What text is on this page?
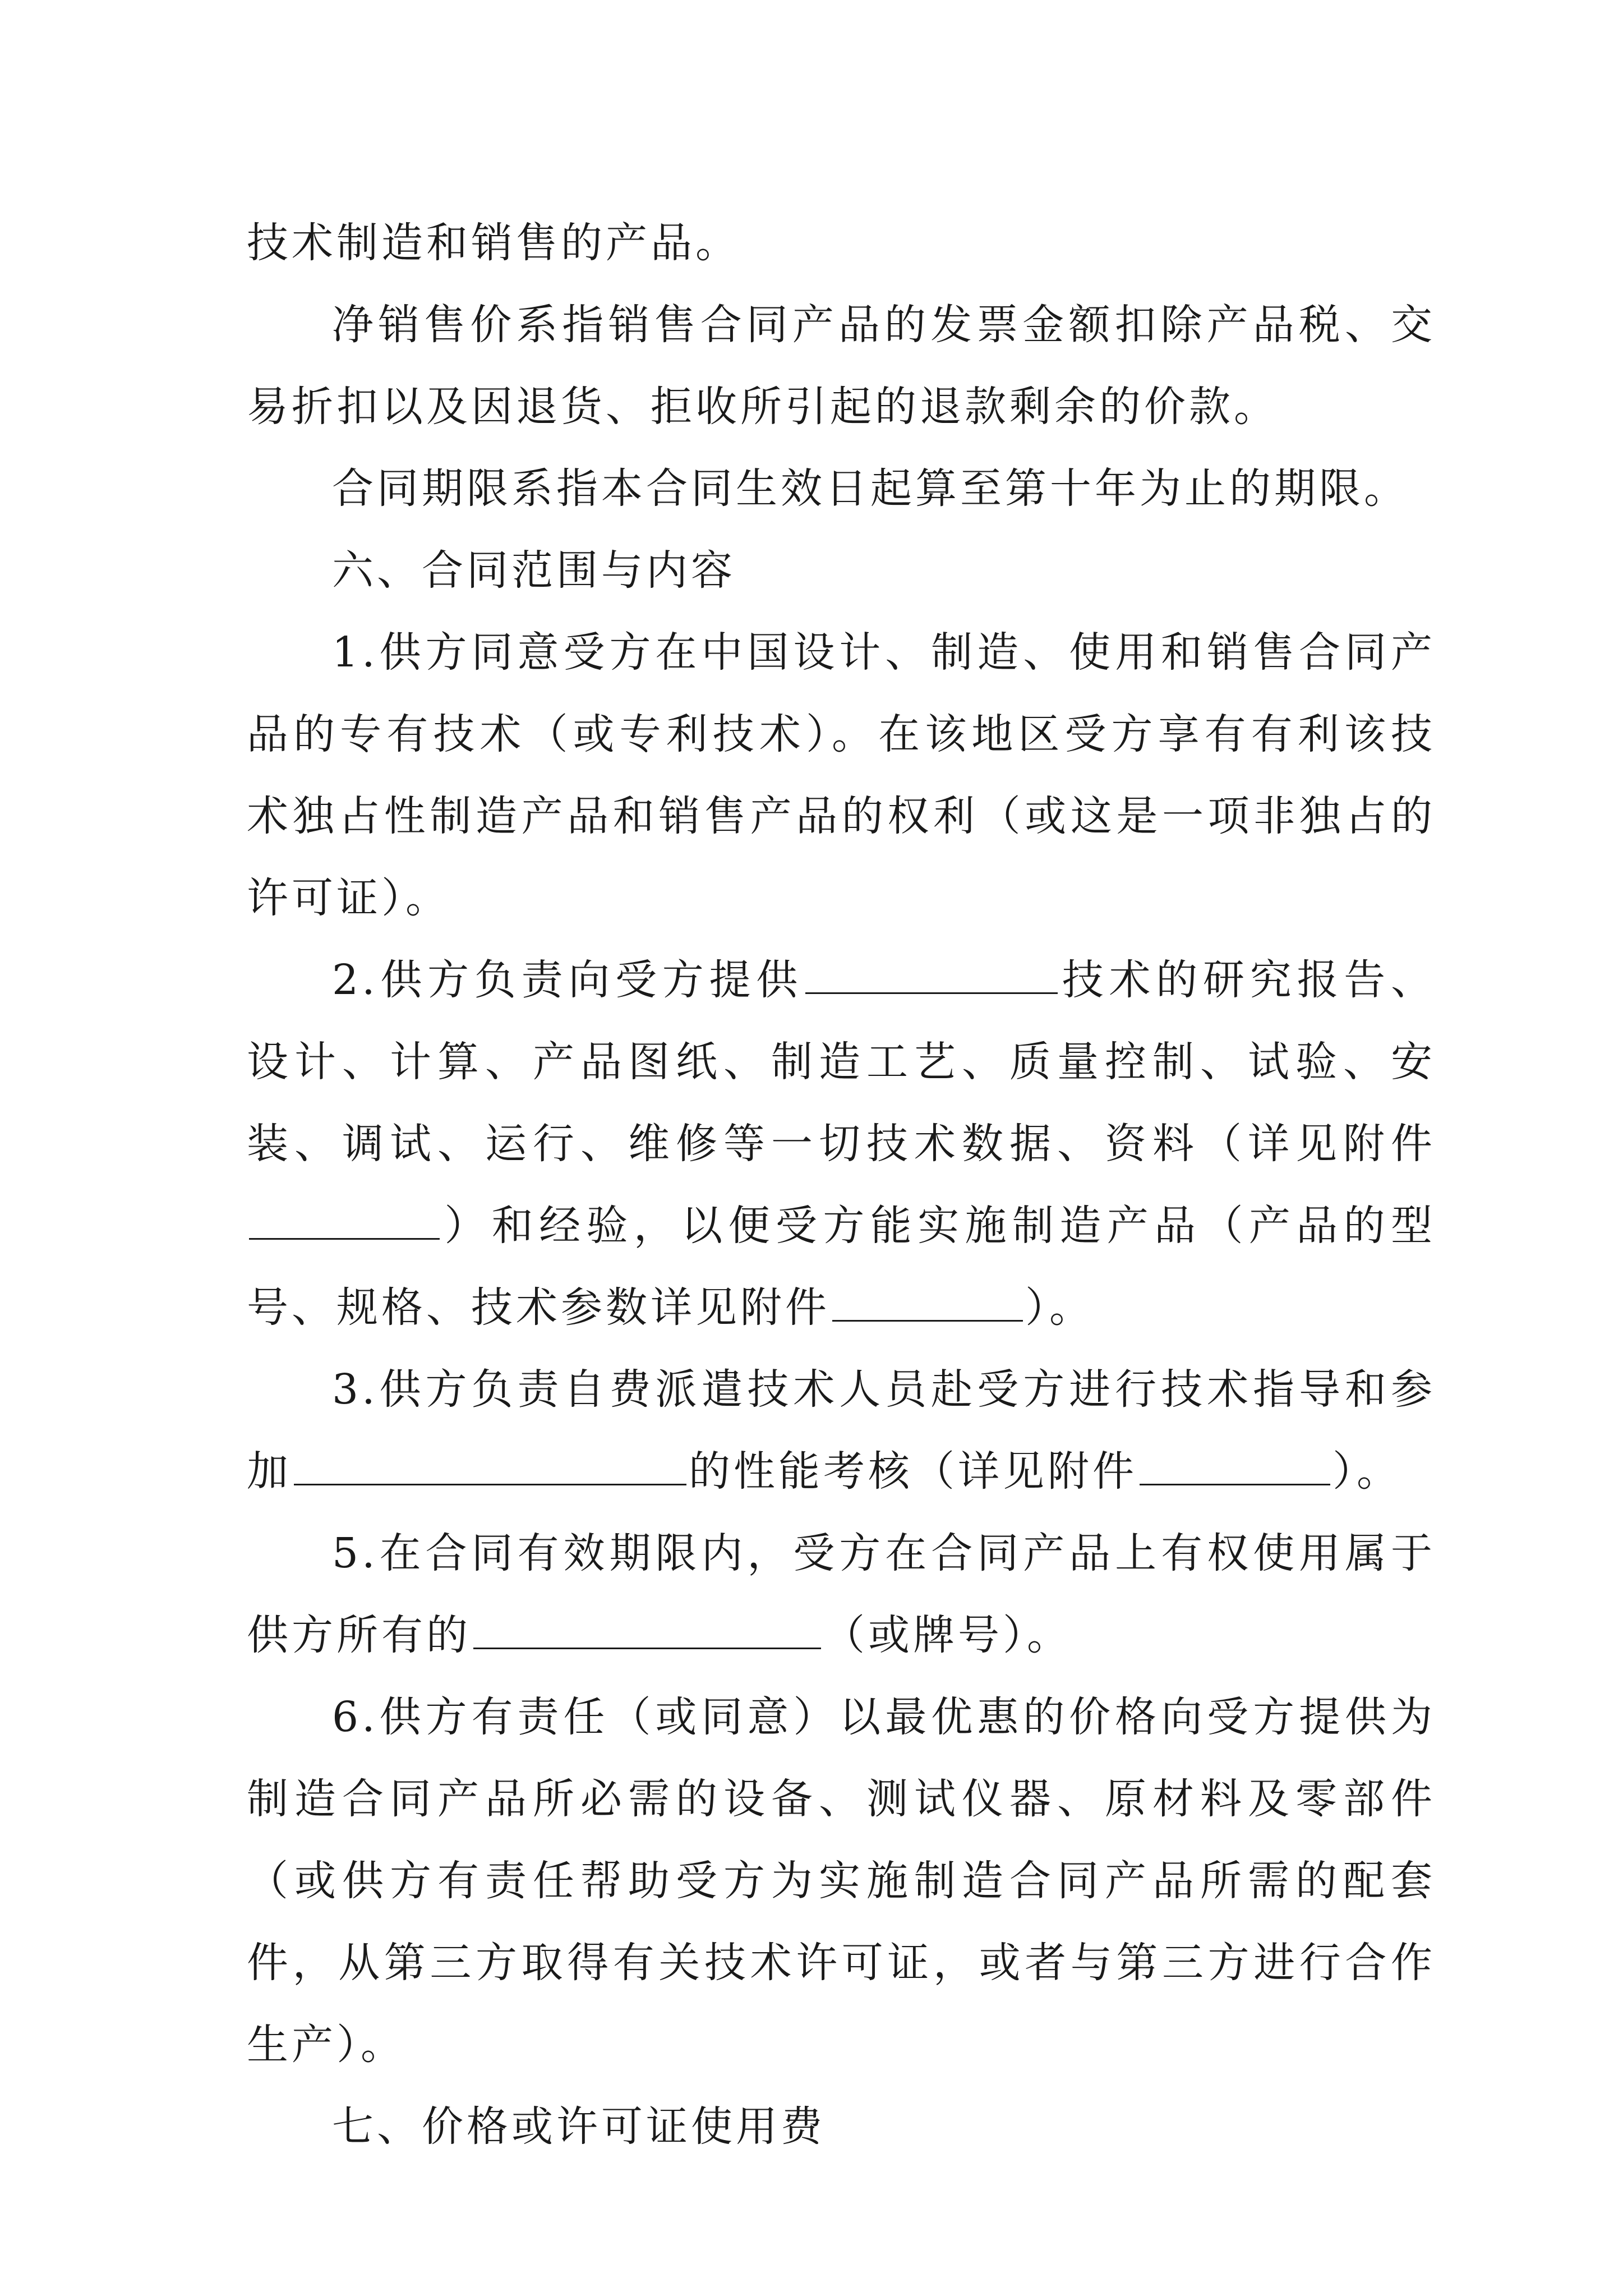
技术制造和销售的产品。

净销售价系指销售合同产品的发票金额扣除产品税、交易折扣以及因退货、拒收所引起的退款剩余的价款。

合同期限系指本合同生效日起算至第十年为止的期限。

六、合同范围与内容

1.供方同意受方在中国设计、制造、使用和销售合同产品的专有技术（或专利技术）。在该地区受方享有有利该技术独占性制造产品和销售产品的权利（或这是一项非独占的许可证）。

2.供方负责向受方提供	技术的研究报告、设计、计算、产品图纸、制造工艺、质量控制、试验、安装、调试、运行、维修等一切技术数据、资料（详见附件）和经验，以便受方能实施制造产品（产品的型号、规格、技术参数详见附件	）。

3.供方负责自费派遣技术人员赴受方进行技术指导和参加	的性能考核（详见附件	）。

5.在合同有效期限内，受方在合同产品上有权使用属于供方所有的	（或牌号）。

6.供方有责任（或同意）以最优惠的价格向受方提供为制造合同产品所必需的设备、测试仪器、原材料及零部件（或供方有责任帮助受方为实施制造合同产品所需的配套件，从第三方取得有关技术许可证，或者与第三方进行合作生产）。

七、价格或许可证使用费
